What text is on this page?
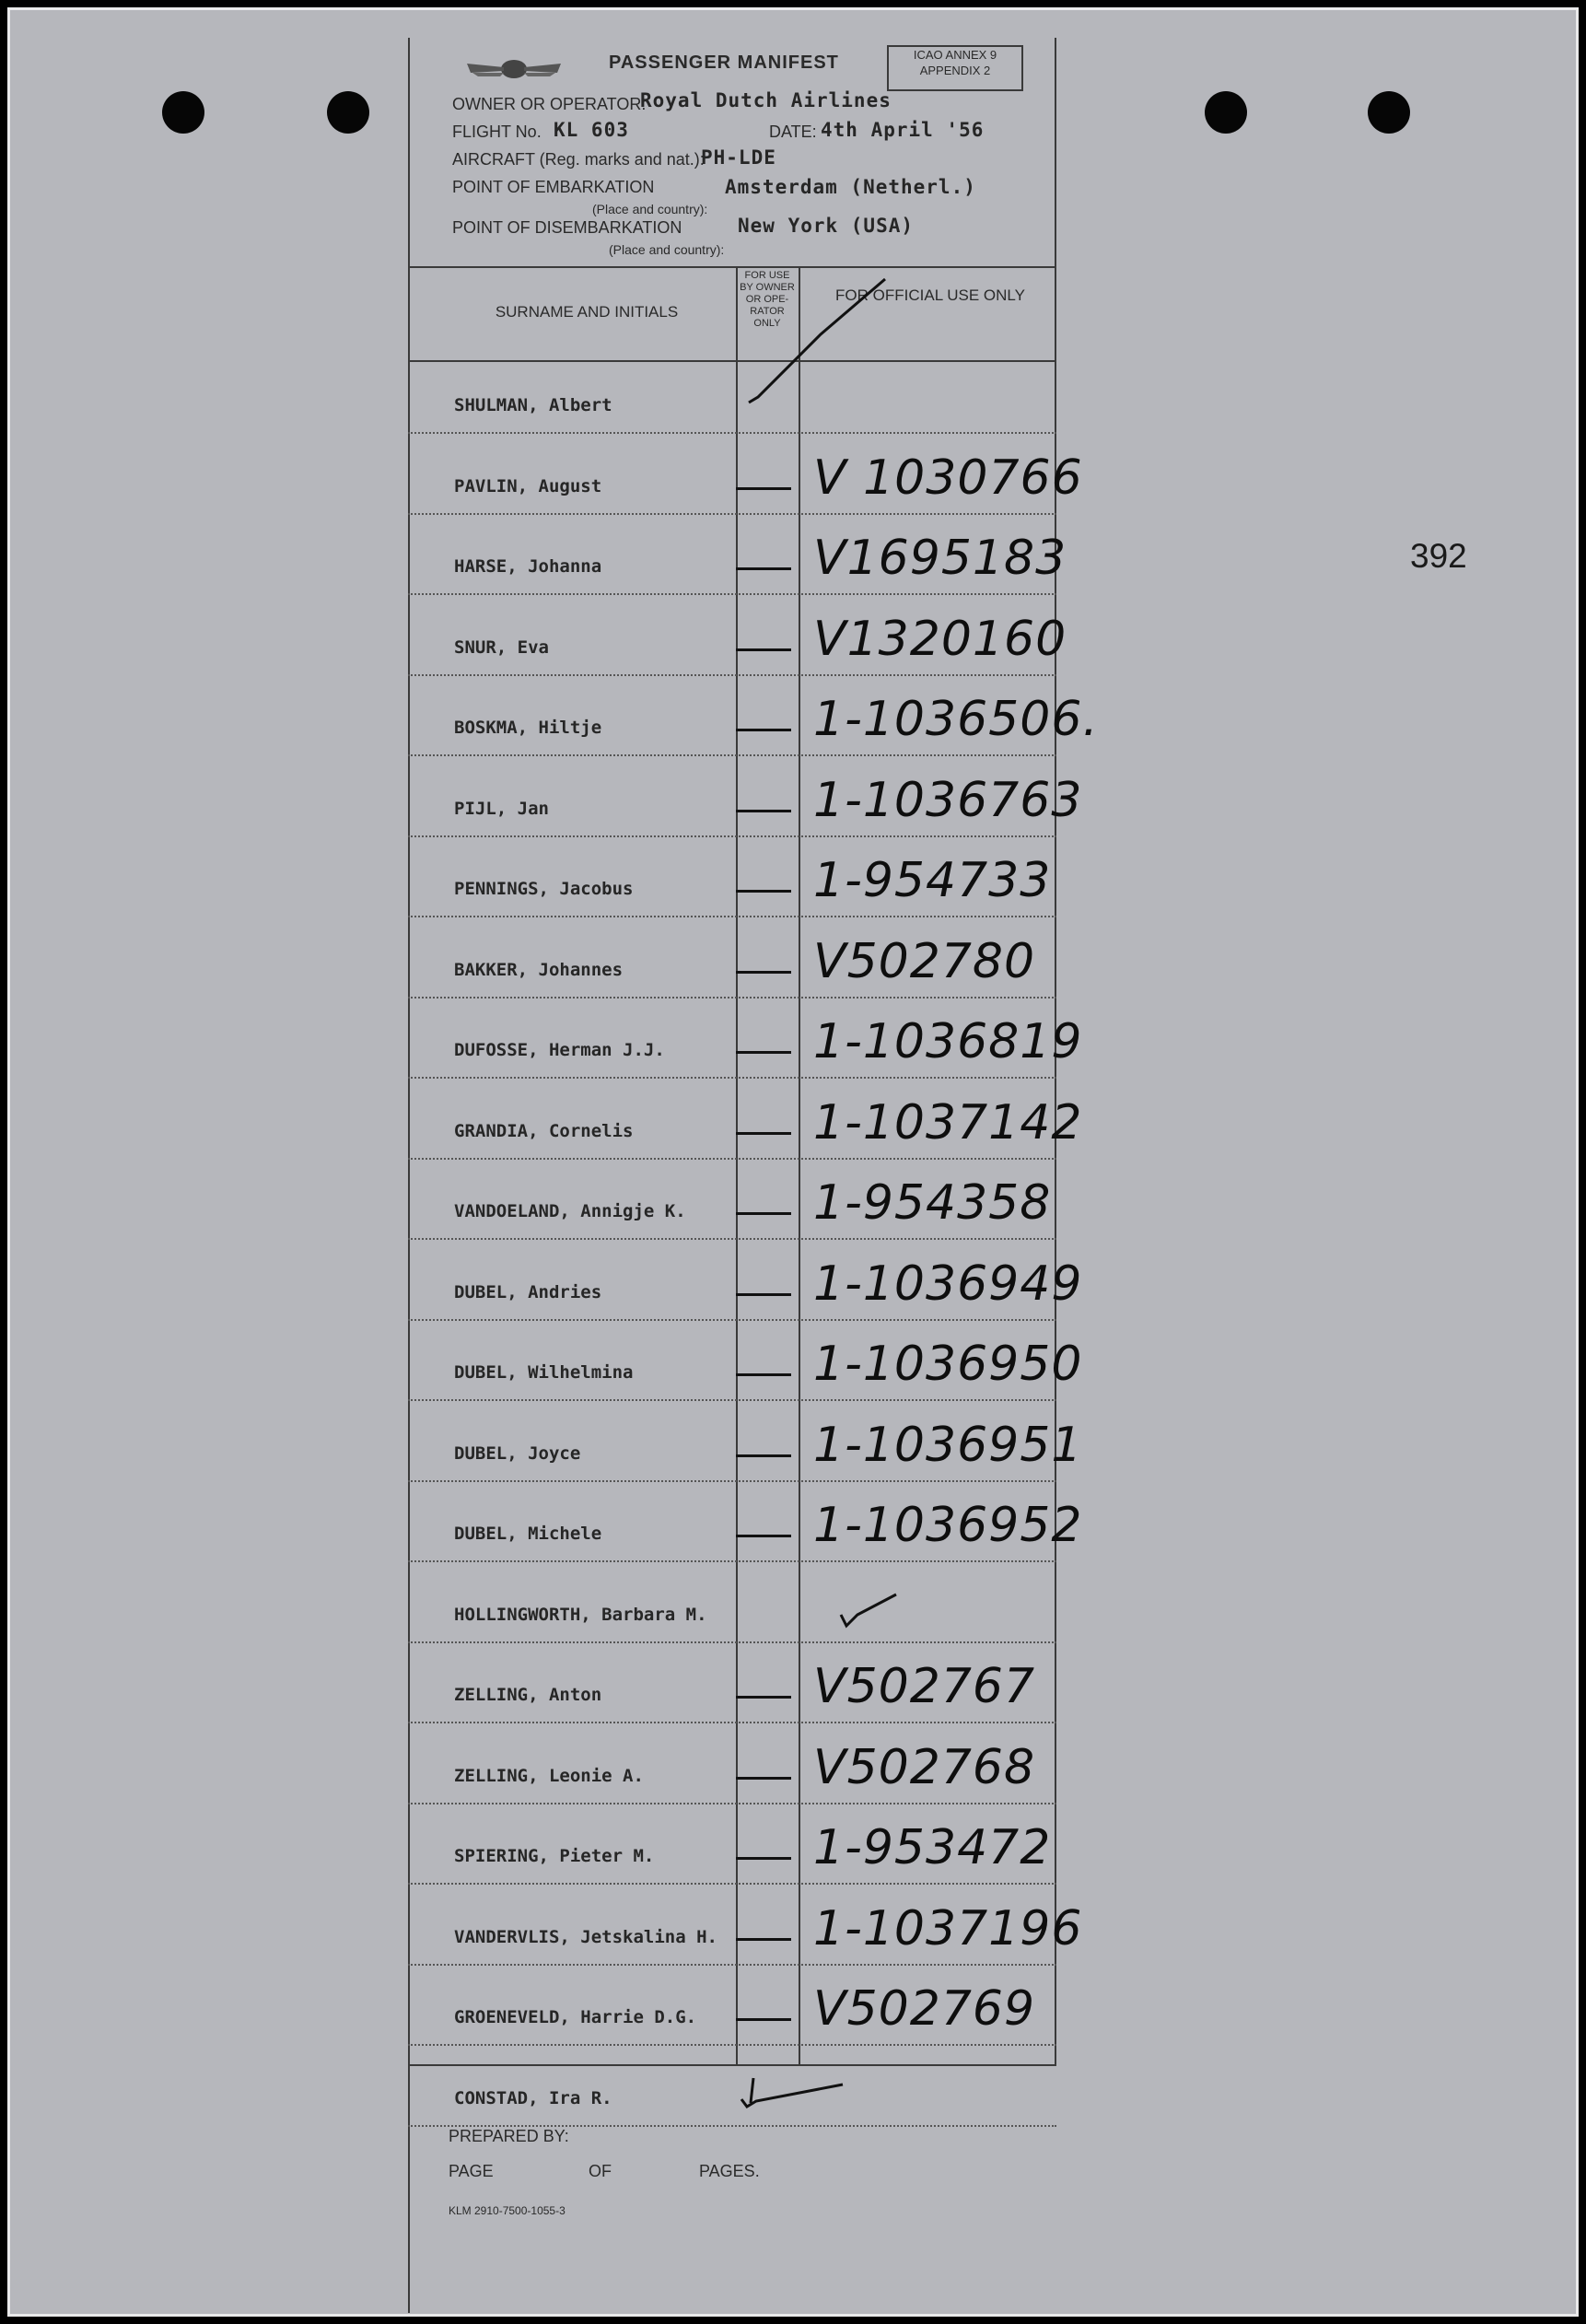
392
PASSENGER MANIFEST	ICAO ANNEX 9
APPENDIX 2
OWNER OR OPERATOR:
Royal Dutch Airlines
FLIGHT No. KL 603	DATE: 4th April '56
AIRCRAFT (Reg. marks and nat.):
PH-LDE
POINT OF EMBARKATION	Amsterdam (Netherl.)
(Place and country):
POINT OF DISEMBARKATION	New York (USA)
(Place and country):
SURNAME AND INITIALS
FOR USE BY OWNER OR OPE- RATOR ONLY
FOR OFFICIAL USE ONLY
SHULMAN, Albert
PAVLIN, August	V 1030766
HARSE, Johanna	V1695183
SNUR, Eva	V1320160
BOSKMA, Hiltje	1-1036506.
PIJL, Jan	1-1036763
PENNINGS, Jacobus	1-954733
BAKKER, Johannes	V502780
DUFOSSE, Herman J.J.	1-1036819
GRANDIA, Cornelis	1-1037142
VANDOELAND, Annigje K.	1-954358
DUBEL, Andries	1-1036949
DUBEL, Wilhelmina	1-1036950
DUBEL, Joyce	1-1036951
DUBEL, Michele	1-1036952
HOLLINGWORTH, Barbara M.
ZELLING, Anton	V502767
ZELLING, Leonie A.	V502768
SPIERING, Pieter M.	1-953472
VANDERVLIS, Jetskalina H. 1-1037196
GROENEVELD, Harrie D.G. V502769
CONSTAD, Ira R.
PREPARED BY:
PAGE	OF	PAGES.
KLM 2910-7500-1055-3
